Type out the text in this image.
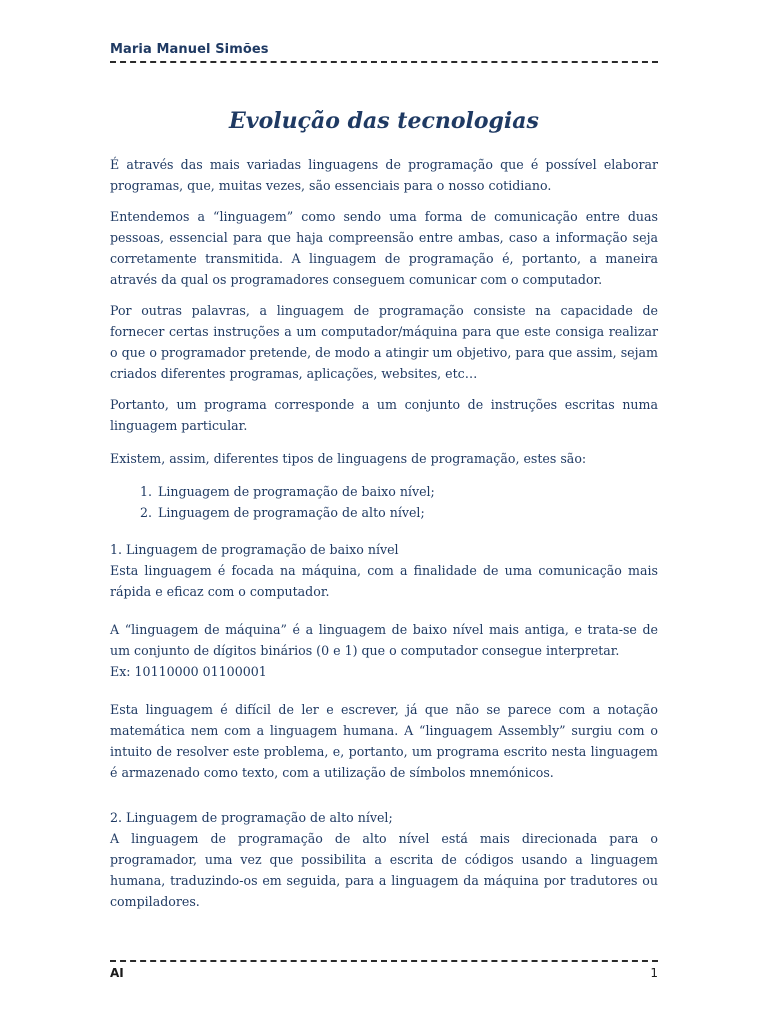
Maria Manuel Simões
Evolução das tecnologias

É através das mais variadas linguagens de programação que é possível elaborar programas, que, muitas vezes, são essenciais para o nosso cotidiano.

Entendemos a “linguagem” como sendo uma forma de comunicação entre duas pessoas, essencial para que haja compreensão entre ambas, caso a informação seja corretamente transmitida. A linguagem de programação é, portanto, a maneira através da qual os programadores conseguem comunicar com o computador.

Por outras palavras, a linguagem de programação consiste na capacidade de fornecer certas instruções a um computador/máquina para que este consiga realizar o que o programador pretende, de modo a atingir um objetivo, para que assim, sejam criados diferentes programas, aplicações, websites, etc…

Portanto, um programa corresponde a um conjunto de instruções escritas numa linguagem particular.

Existem, assim, diferentes tipos de linguagens de programação, estes são:

1. Linguagem de programação de baixo nível;
2. Linguagem de programação de alto nível;

1. Linguagem de programação de baixo nível

Esta linguagem é focada na máquina, com a finalidade de uma comunicação mais rápida e eficaz com o computador.

A “linguagem de máquina” é a linguagem de baixo nível mais antiga, e trata-se de um conjunto de dígitos binários (0 e 1) que o computador consegue interpretar.

Ex: 10110000 01100001

Esta linguagem é difícil de ler e escrever, já que não se parece com a notação matemática nem com a linguagem humana. A “linguagem Assembly” surgiu com o intuito de resolver este problema, e, portanto, um programa escrito nesta linguagem é armazenado como texto, com a utilização de símbolos mnemónicos.

2. Linguagem de programação de alto nível;

A linguagem de programação de alto nível está mais direcionada para o programador, uma vez que possibilita a escrita de códigos usando a linguagem humana, traduzindo-os em seguida, para a linguagem da máquina por tradutores ou compiladores.

AI	1
